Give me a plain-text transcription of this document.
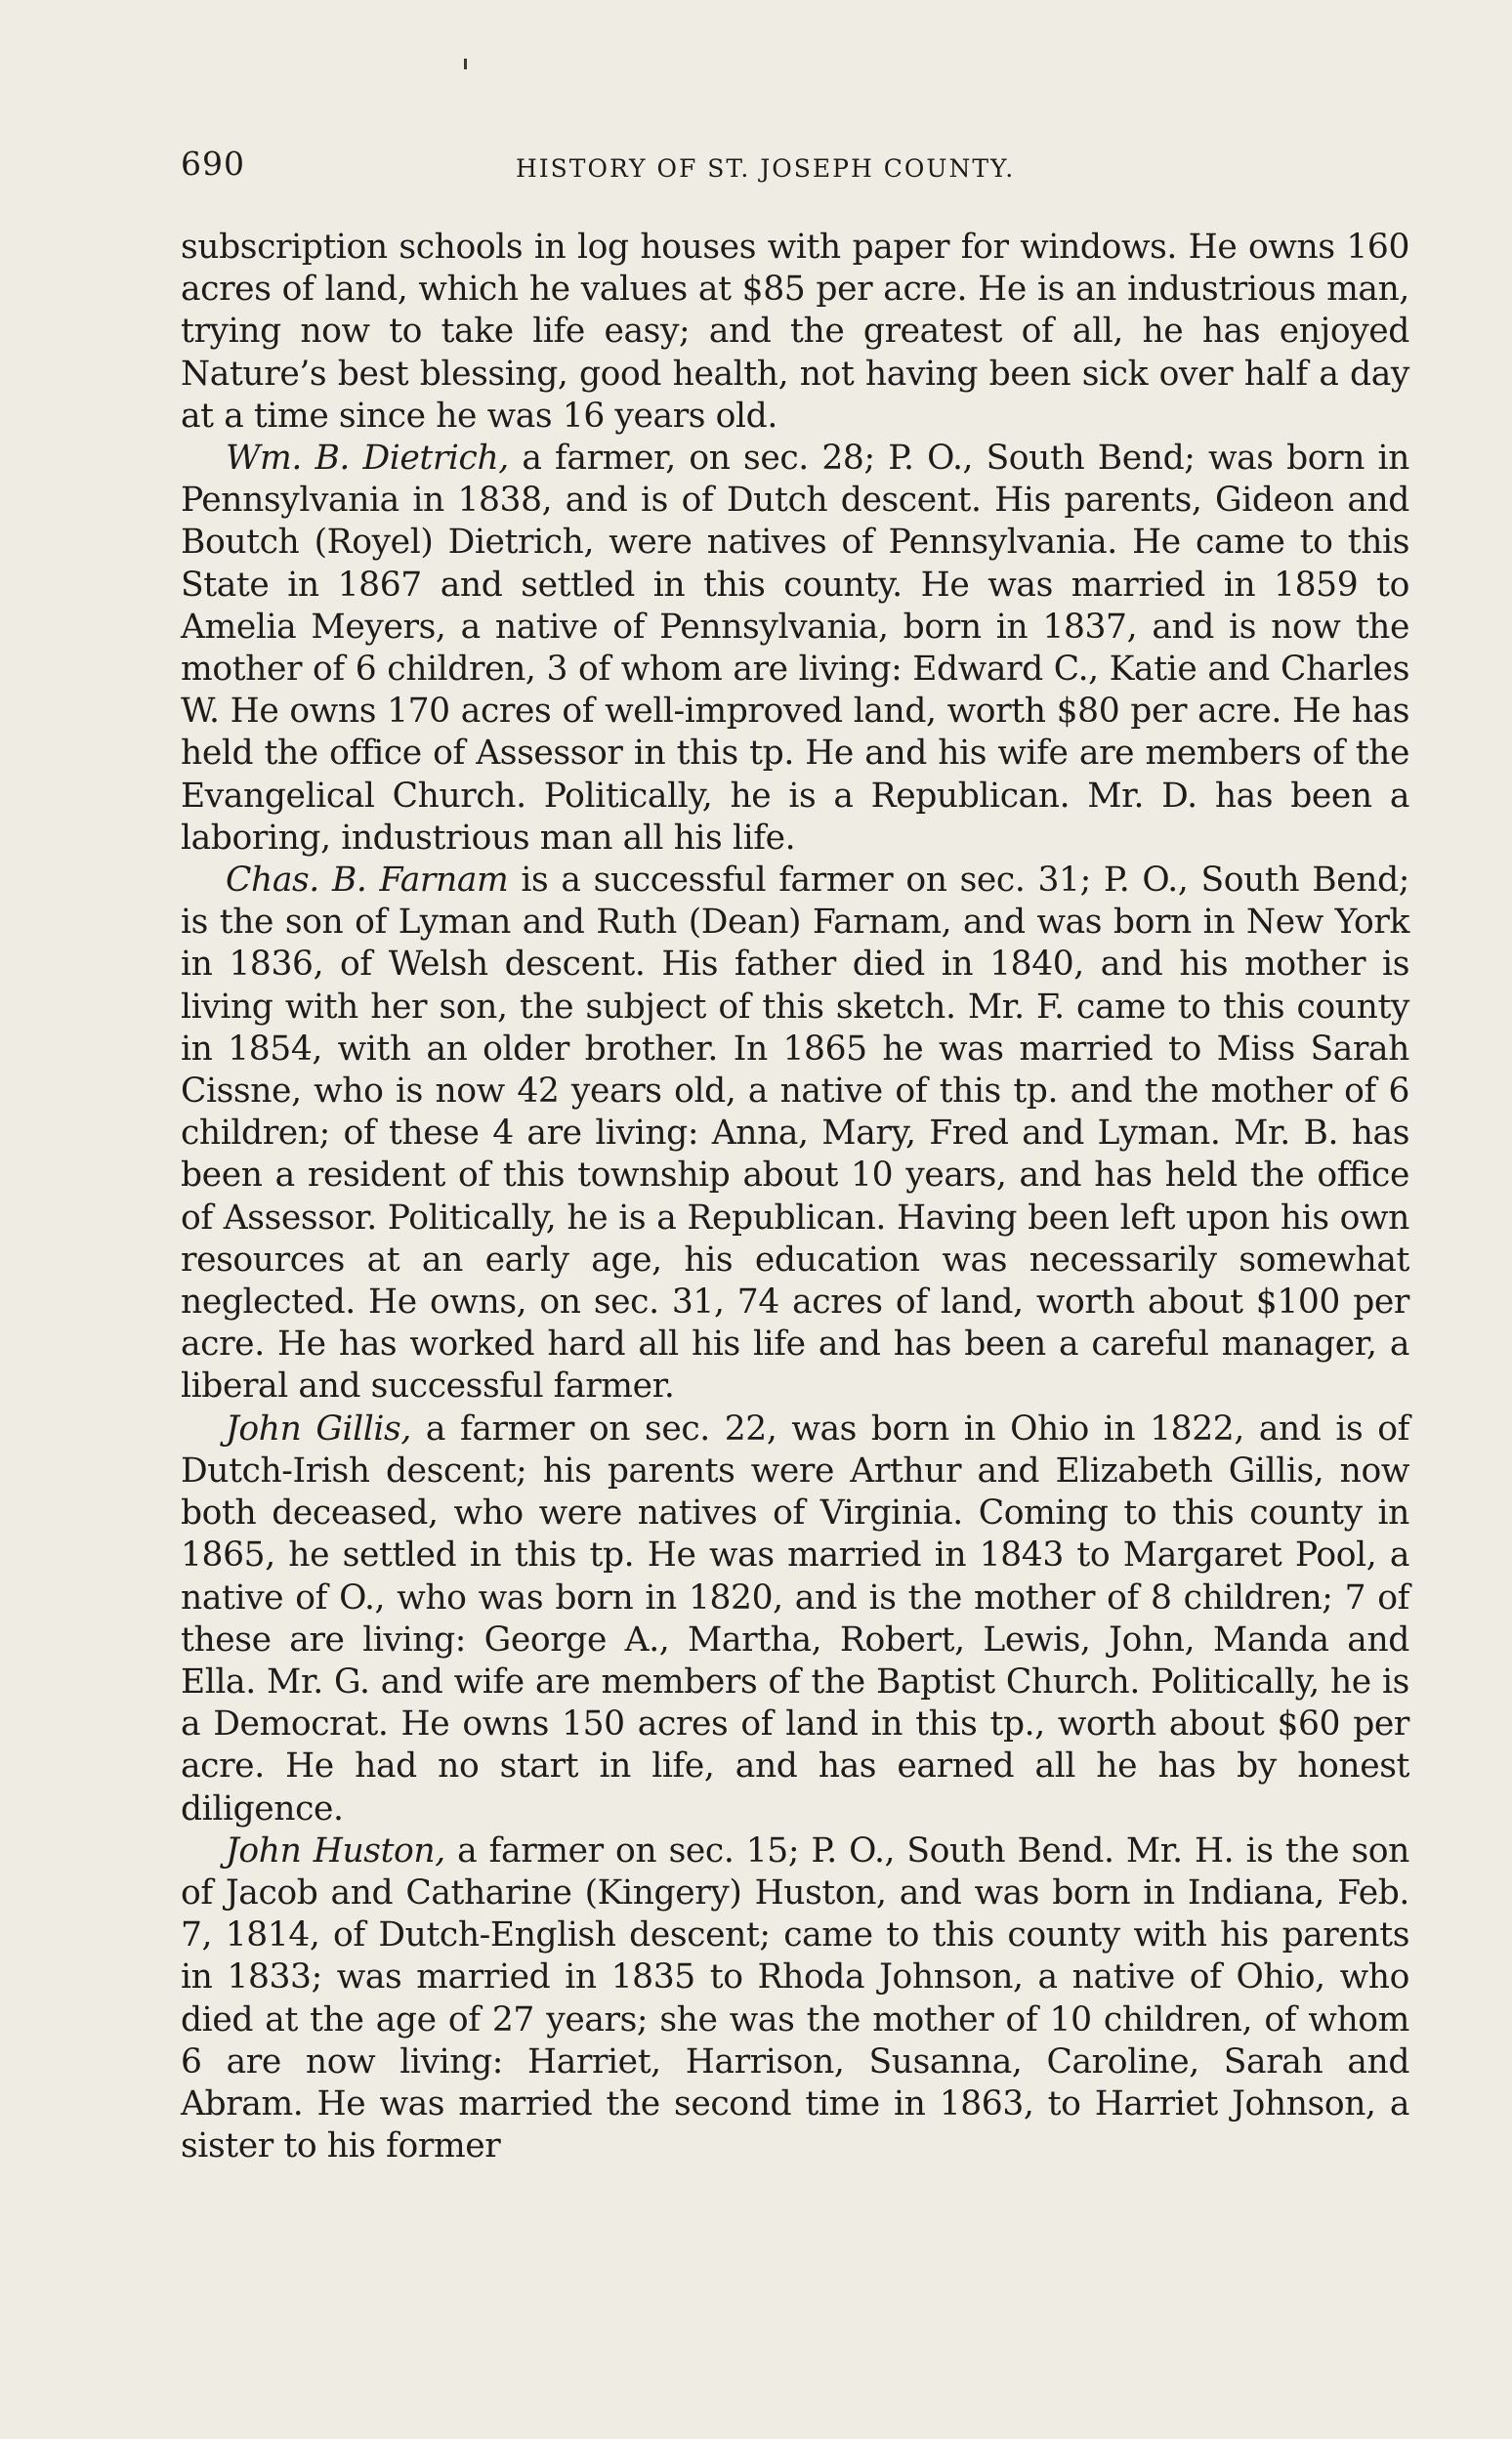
690	HISTORY OF ST. JOSEPH COUNTY.

subscription schools in log houses with paper for windows. He owns 160 acres of land, which he values at $85 per acre. He is an industrious man, trying now to take life easy; and the greatest of all, he has enjoyed Nature’s best blessing, good health, not having been sick over half a day at a time since he was 16 years old.

Wm. B. Dietrich, a farmer, on sec. 28; P. O., South Bend; was born in Pennsylvania in 1838, and is of Dutch descent. His parents, Gideon and Boutch (Royel) Dietrich, were natives of Pennsylvania. He came to this State in 1867 and settled in this county. He was married in 1859 to Amelia Meyers, a native of Pennsylvania, born in 1837, and is now the mother of 6 children, 3 of whom are living: Edward C., Katie and Charles W. He owns 170 acres of well-improved land, worth $80 per acre. He has held the office of Assessor in this tp. He and his wife are members of the Evangelical Church. Politically, he is a Republican. Mr. D. has been a laboring, industrious man all his life.

Chas. B. Farnam is a successful farmer on sec. 31; P. O., South Bend; is the son of Lyman and Ruth (Dean) Farnam, and was born in New York in 1836, of Welsh descent. His father died in 1840, and his mother is living with her son, the subject of this sketch. Mr. F. came to this county in 1854, with an older brother. In 1865 he was married to Miss Sarah Cissne, who is now 42 years old, a native of this tp. and the mother of 6 children; of these 4 are living: Anna, Mary, Fred and Lyman. Mr. B. has been a resident of this township about 10 years, and has held the office of Assessor. Politically, he is a Republican. Having been left upon his own resources at an early age, his education was necessarily somewhat neglected. He owns, on sec. 31, 74 acres of land, worth about $100 per acre. He has worked hard all his life and has been a careful manager, a liberal and successful farmer.

John Gillis, a farmer on sec. 22, was born in Ohio in 1822, and is of Dutch-Irish descent; his parents were Arthur and Elizabeth Gillis, now both deceased, who were natives of Virginia. Coming to this county in 1865, he settled in this tp. He was married in 1843 to Margaret Pool, a native of O., who was born in 1820, and is the mother of 8 children; 7 of these are living: George A., Martha, Robert, Lewis, John, Manda and Ella. Mr. G. and wife are members of the Baptist Church. Politically, he is a Democrat. He owns 150 acres of land in this tp., worth about $60 per acre. He had no start in life, and has earned all he has by honest diligence.

John Huston, a farmer on sec. 15; P. O., South Bend. Mr. H. is the son of Jacob and Catharine (Kingery) Huston, and was born in Indiana, Feb. 7, 1814, of Dutch-English descent; came to this county with his parents in 1833; was married in 1835 to Rhoda Johnson, a native of Ohio, who died at the age of 27 years; she was the mother of 10 children, of whom 6 are now living: Harriet, Harrison, Susanna, Caroline, Sarah and Abram. He was married the second time in 1863, to Harriet Johnson, a sister to his former
